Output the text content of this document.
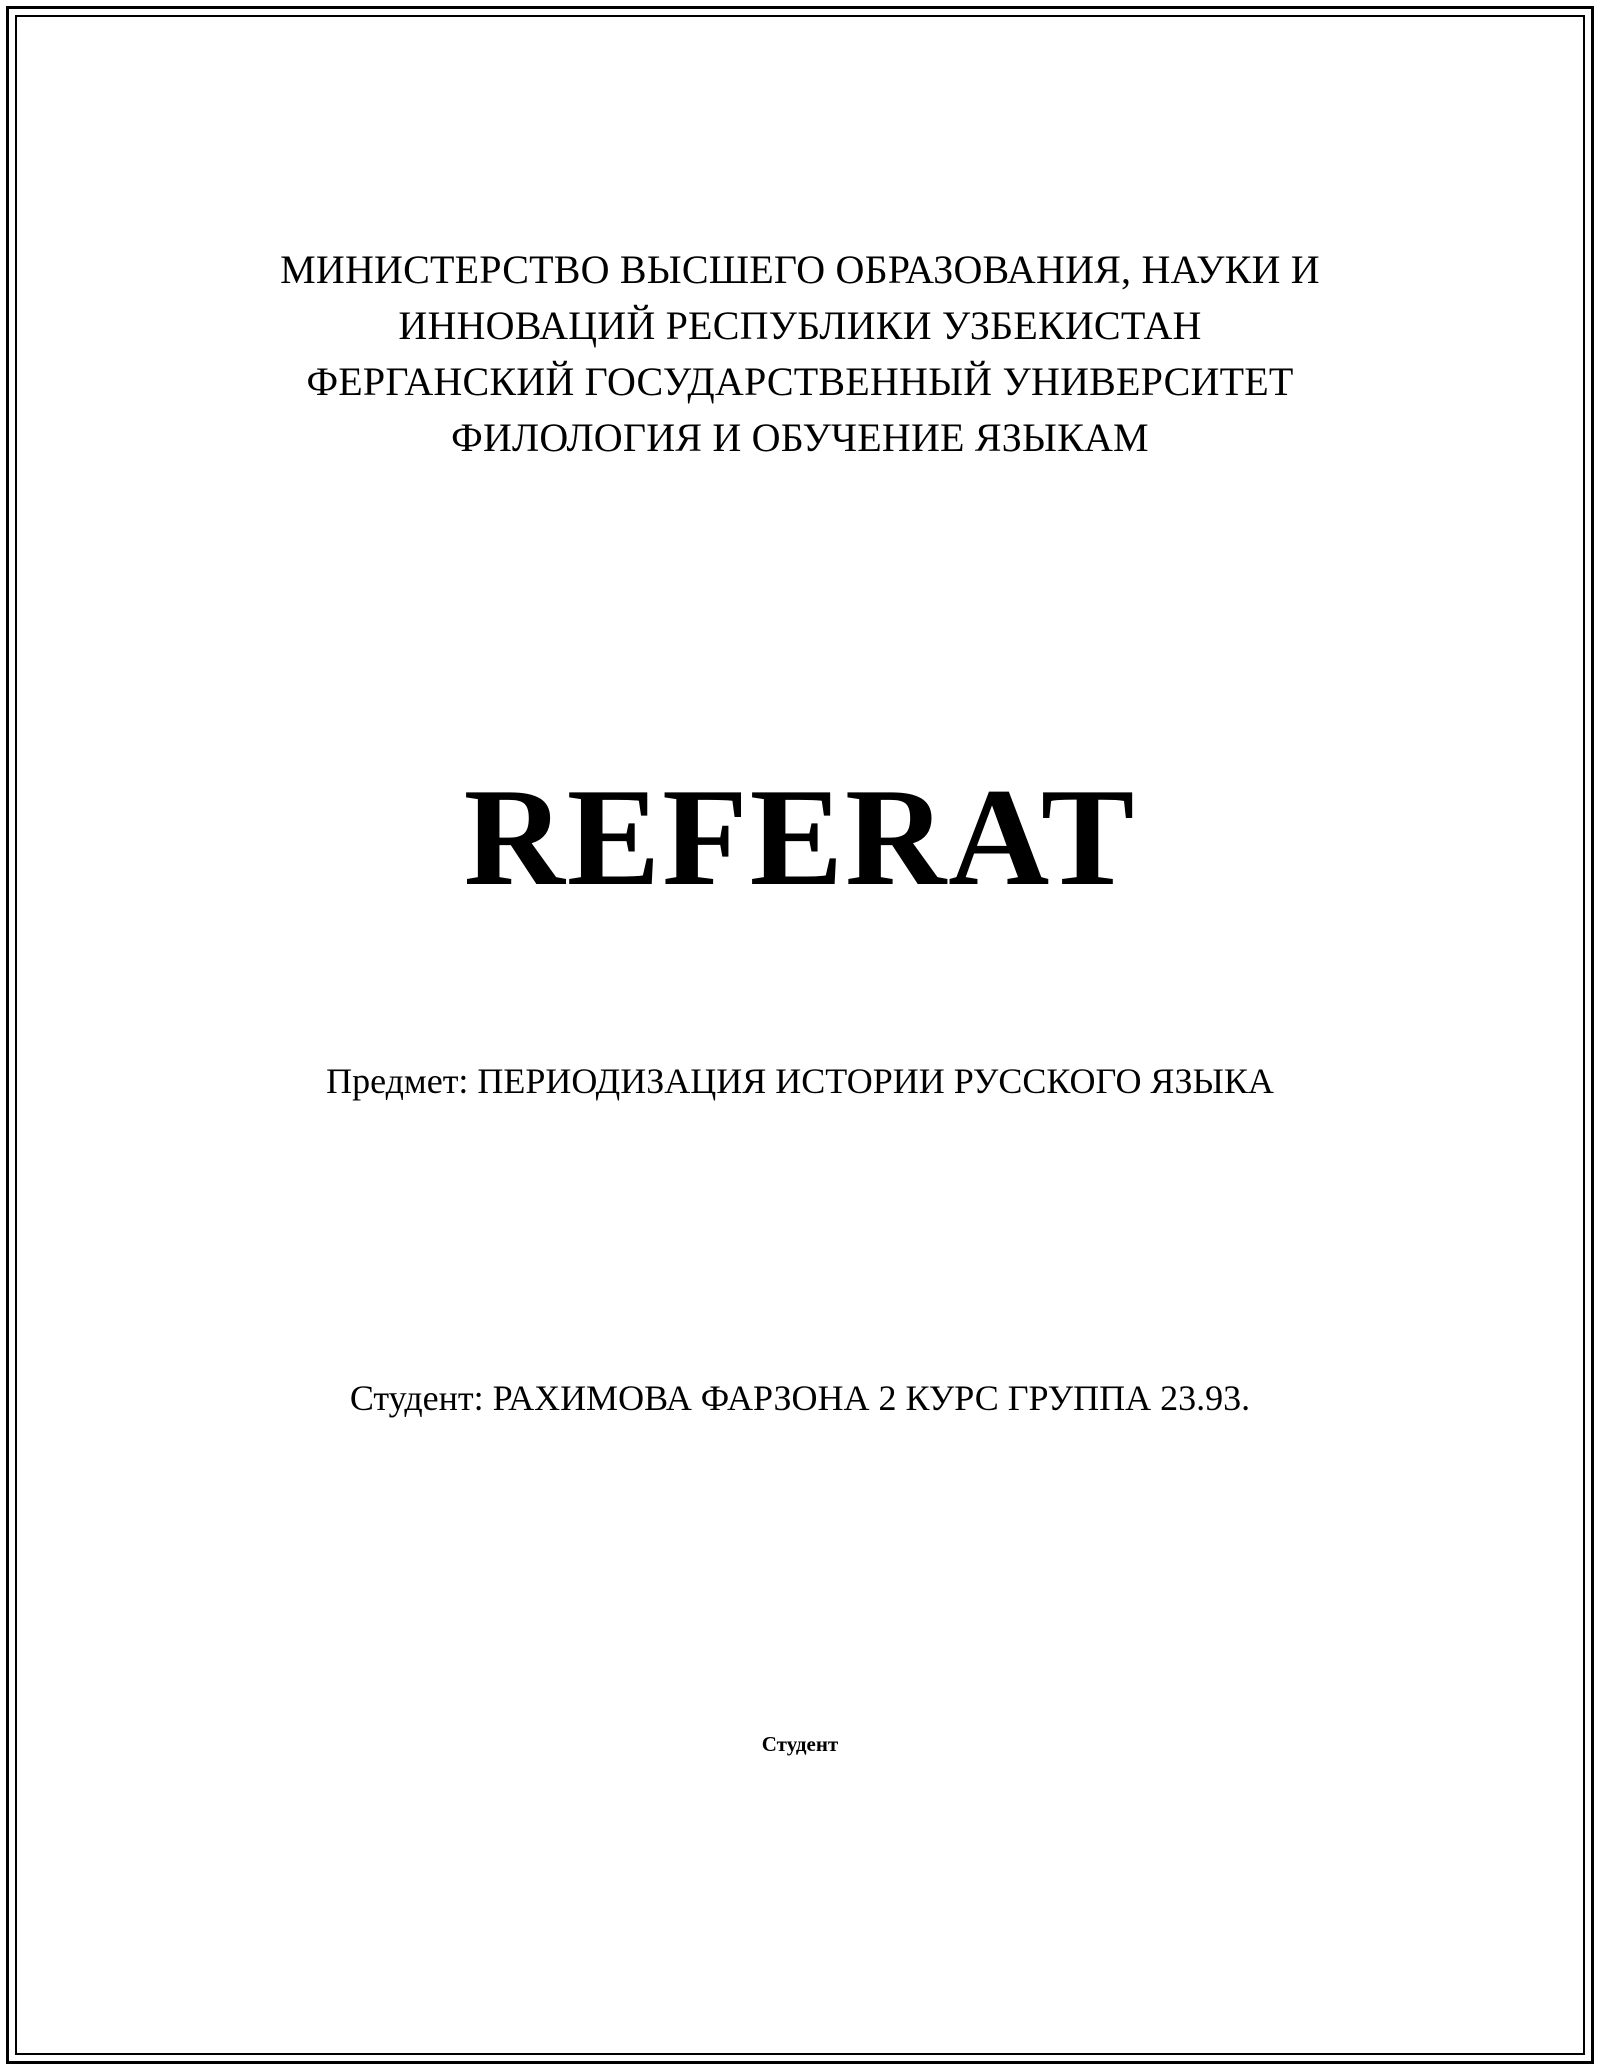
МИНИСТЕРСТВО ВЫСШЕГО ОБРАЗОВАНИЯ, НАУКИ И
ИННОВАЦИЙ РЕСПУБЛИКИ УЗБЕКИСТАН
ФЕРГАНСКИЙ ГОСУДАРСТВЕННЫЙ УНИВЕРСИТЕТ
ФИЛОЛОГИЯ И ОБУЧЕНИЕ ЯЗЫКАМ
REFERAT
Предмет: ПЕРИОДИЗАЦИЯ ИСТОРИИ РУССКОГО ЯЗЫКА
Студент: РАХИМОВА ФАРЗОНА 2 КУРС ГРУППА 23.93.
Студент
